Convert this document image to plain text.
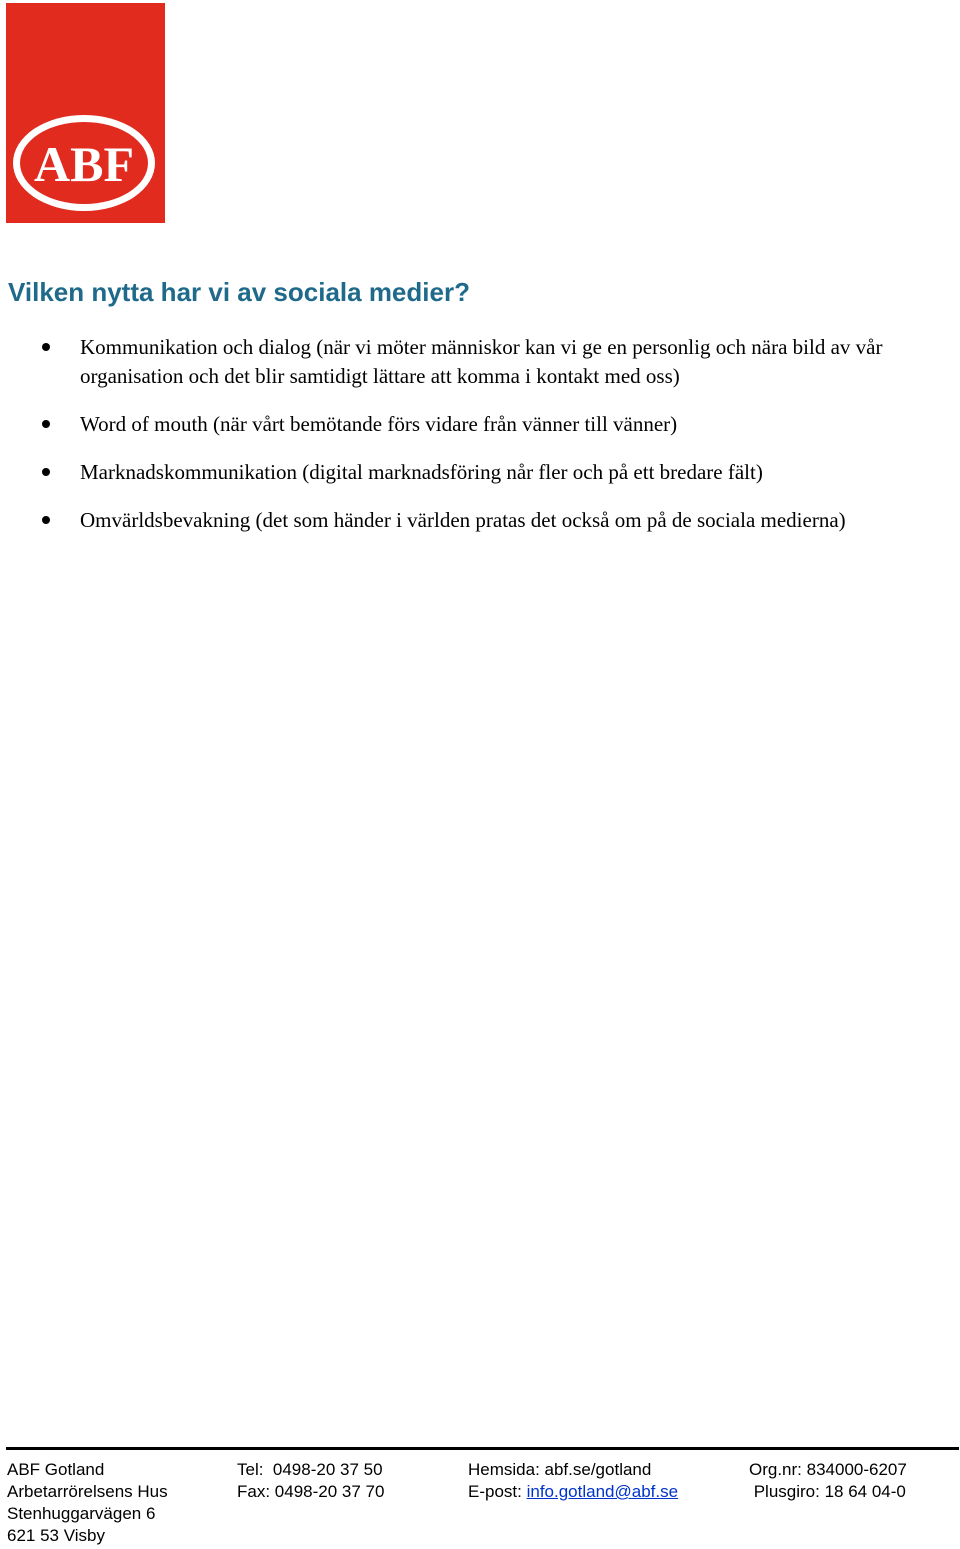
ABF
Vilken nytta har vi av sociala medier?
Kommunikation och dialog (när vi möter människor kan vi ge en personlig och nära bild av vår organisation och det blir samtidigt lättare att komma i kontakt med oss)
Word of mouth (när vårt bemötande förs vidare från vänner till vänner)
Marknadskommunikation (digital marknadsföring når fler och på ett bredare fält)
Omvärldsbevakning (det som händer i världen pratas det också om på de sociala medierna)
ABF Gotland
Arbetarrörelsens Hus
Stenhuggarvägen 6
621 53 Visby
Tel:  0498-20 37 50
Fax: 0498-20 37 70
Hemsida: abf.se/gotland
E-post: info.gotland@abf.se
Org.nr: 834000-6207
Plusgiro: 18 64 04-0
